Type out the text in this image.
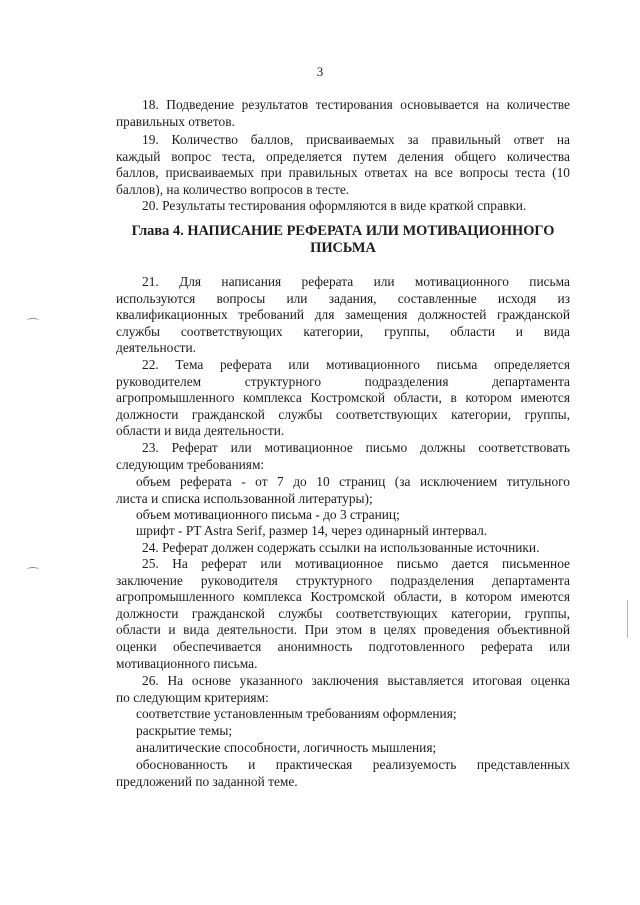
3
18. Подведение результатов тестирования основывается на количестве
правильных ответов.
19. Количество баллов, присваиваемых за правильный ответ на
каждый вопрос теста, определяется путем деления общего количества
баллов, присваиваемых при правильных ответах на все вопросы теста (10
баллов), на количество вопросов в тесте.
20. Результаты тестирования оформляются в виде краткой справки.
Глава 4. НАПИСАНИЕ РЕФЕРАТА ИЛИ МОТИВАЦИОННОГО
ПИСЬМА
21. Для написания реферата или мотивационного письма
используются вопросы или задания, составленные исходя из
квалификационных требований для замещения должностей гражданской
службы соответствующих категории, группы, области и вида
деятельности.
22. Тема реферата или мотивационного письма определяется
руководителем структурного подразделения департамента
агропромышленного комплекса Костромской области, в котором имеются
должности гражданской службы соответствующих категории, группы,
области и вида деятельности.
23. Реферат или мотивационное письмо должны соответствовать
следующим требованиям:
объем реферата - от 7 до 10 страниц (за исключением титульного
листа и списка использованной литературы);
объем мотивационного письма - до 3 страниц;
шрифт - PT Astra Serif, размер 14, через одинарный интервал.
24. Реферат должен содержать ссылки на использованные источники.
25. На реферат или мотивационное письмо дается письменное
заключение руководителя структурного подразделения департамента
агропромышленного комплекса Костромской области, в котором имеются
должности гражданской службы соответствующих категории, группы,
области и вида деятельности. При этом в целях проведения объективной
оценки обеспечивается анонимность подготовленного реферата или
мотивационного письма.
26. На основе указанного заключения выставляется итоговая оценка
по следующим критериям:
соответствие установленным требованиям оформления;
раскрытие темы;
аналитические способности, логичность мышления;
обоснованность и практическая реализуемость представленных
предложений по заданной теме.
